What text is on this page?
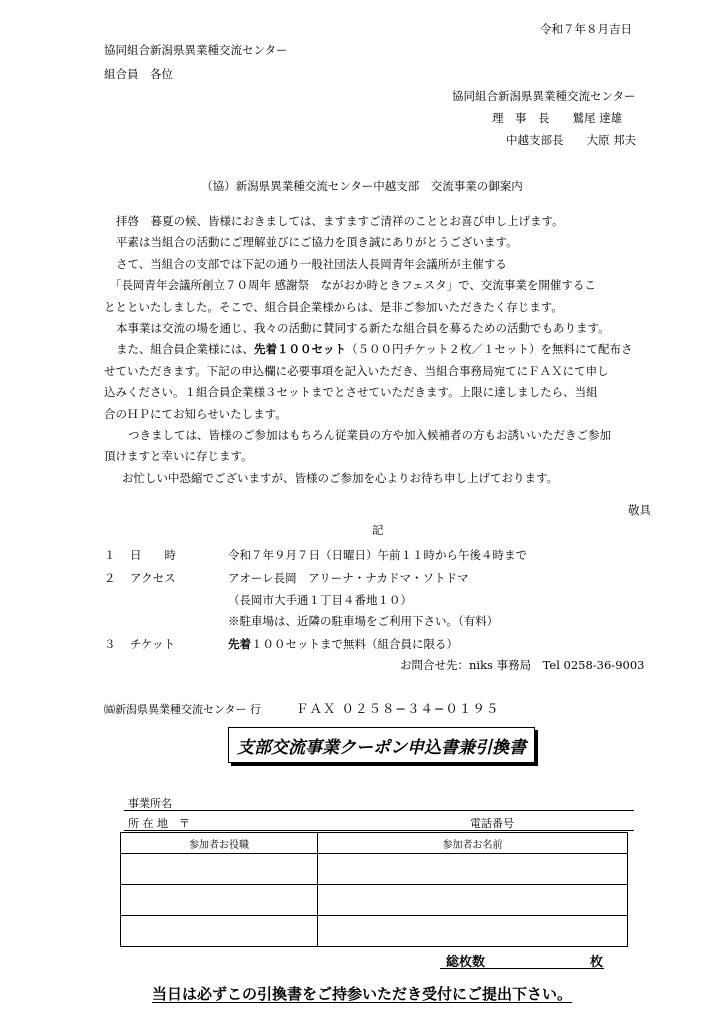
令和７年８月吉日
協同組合新潟県異業種交流センター
組合員　各位
協同組合新潟県異業種交流センター
理　事　長　　鷲尾 達雄
中越支部長　　大原 邦夫
（協）新潟県異業種交流センター中越支部　交流事業の御案内
拝啓　暮夏の候、皆様におきましては、ますますご清祥のこととお喜び申し上げます。
平素は当組合の活動にご理解並びにご協力を頂き誠にありがとうございます。
さて、当組合の支部では下記の通り一般社団法人長岡青年会議所が主催する
「長岡青年会議所創立７０周年 感謝祭　ながおか時ときフェスタ」で、交流事業を開催するこ
ととといたしました。そこで、組合員企業様からは、是非ご参加いただきたく存じます。
本事業は交流の場を通じ、我々の活動に賛同する新たな組合員を募るための活動でもあります。
また、組合員企業様には、先着１００セット（５００円チケット２枚／１セット）を無料にて配布さ
せていただきます。下記の申込欄に必要事項を記入いただき、当組合事務局宛てにＦＡＸにて申し
込みください。１組合員企業様３セットまでとさせていただきます。上限に達しましたら、当組
合のＨＰにてお知らせいたします。
つきましては、皆様のご参加はもちろん従業員の方や加入候補者の方もお誘いいただきご参加
頂けますと幸いに存じます。
お忙しい中恐縮でございますが、皆様のご参加を心よりお待ち申し上げております。
敬具
記
１ 日　　時	令和７年９月７日（日曜日）午前１１時から午後４時まで
２ アクセス	アオーレ長岡　アリーナ・ナカドマ・ソトドマ
（長岡市大手通１丁目４番地１０）
※駐車場は、近隣の駐車場をご利用下さい。（有料）
３ チケット	先着１００セットまで無料（組合員に限る）
お問合せ先：niks 事務局　Tel 0258-36-9003
㈿新潟県異業種交流センター 行	ＦＡＸ ０２５８−３４−０１９５
支部交流事業クーポン申込書兼引換書
事業所名
所 在 地　〒	電話番号
参加者お役職	参加者お名前

総枚数	枚
当日は必ずこの引換書をご持参いただき受付にご提出下さい。
